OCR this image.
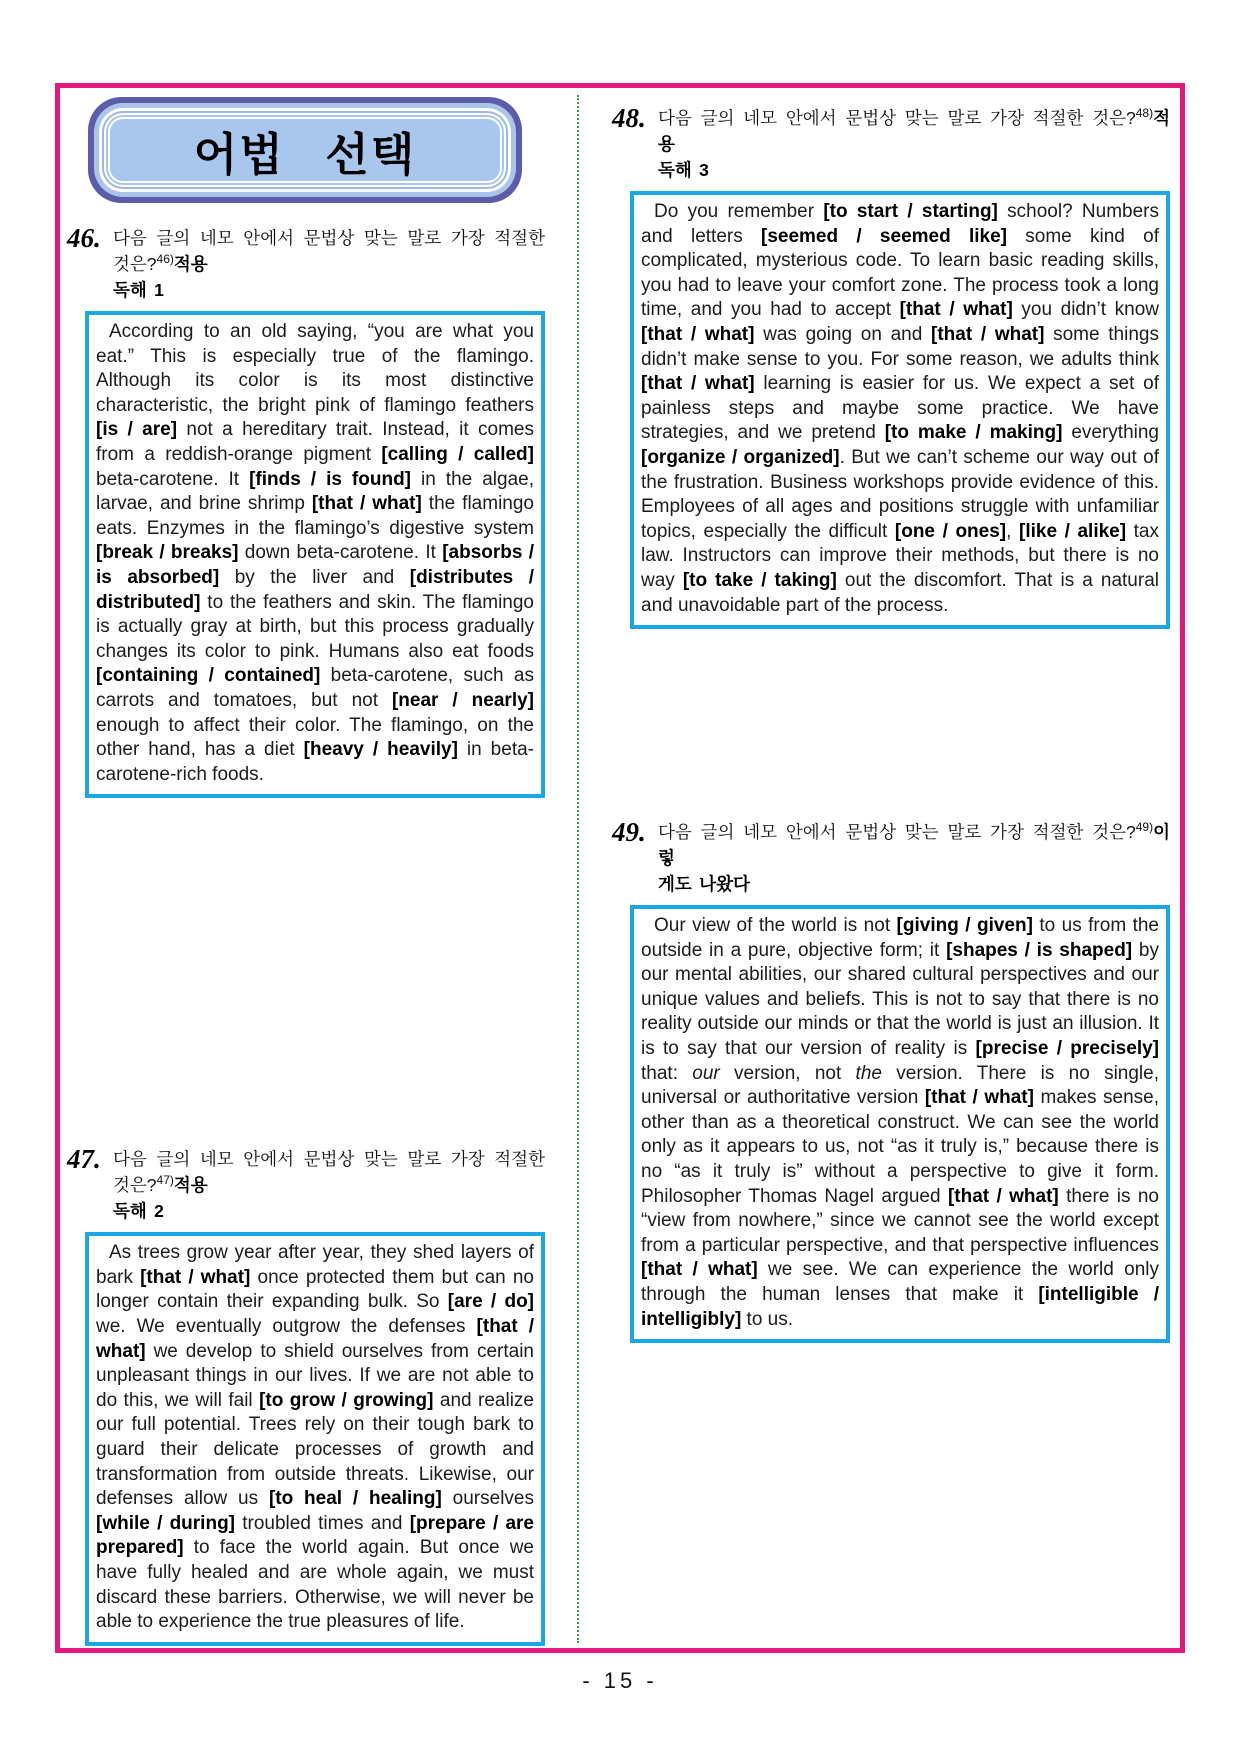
어법 선택
46. 다음 글의 네모 안에서 문법상 맞는 말로 가장 적절한 것은?$^{46)}$적용
독해 1

According to an old saying, “you are what you eat.” This is especially true of the flamingo. Although its color is its most distinctive characteristic, the bright pink of flamingo feathers [is / are] not a hereditary trait. Instead, it comes from a reddish-orange pigment [calling / called] beta-carotene. It [finds / is found] in the algae, larvae, and brine shrimp [that / what] the flamingo eats. Enzymes in the flamingo’s digestive system [break / breaks] down beta-carotene. It [absorbs / is absorbed] by the liver and [distributes / distributed] to the feathers and skin. The flamingo is actually gray at birth, but this process gradually changes its color to pink. Humans also eat foods [containing / contained] beta-carotene, such as carrots and tomatoes, but not [near / nearly] enough to affect their color. The flamingo, on the other hand, has a diet [heavy / heavily] in beta-carotene-rich foods.

47. 다음 글의 네모 안에서 문법상 맞는 말로 가장 적절한 것은?$^{47)}$적용
독해 2

As trees grow year after year, they shed layers of bark [that / what] once protected them but can no longer contain their expanding bulk. So [are / do] we. We eventually outgrow the defenses [that / what] we develop to shield ourselves from certain unpleasant things in our lives. If we are not able to do this, we will fail [to grow / growing] and realize our full potential. Trees rely on their tough bark to guard their delicate processes of growth and transformation from outside threats. Likewise, our defenses allow us [to heal / healing] ourselves [while / during] troubled times and [prepare / are prepared] to face the world again. But once we have fully healed and are whole again, we must discard these barriers. Otherwise, we will never be able to experience the true pleasures of life.

48. 다음 글의 네모 안에서 문법상 맞는 말로 가장 적절한 것은?$^{48)}$적용
독해 3

Do you remember [to start / starting] school? Numbers and letters [seemed / seemed like] some kind of complicated, mysterious code. To learn basic reading skills, you had to leave your comfort zone. The process took a long time, and you had to accept [that / what] you didn’t know [that / what] was going on and [that / what] some things didn’t make sense to you. For some reason, we adults think [that / what] learning is easier for us. We expect a set of painless steps and maybe some practice. We have strategies, and we pretend [to make / making] everything [organize / organized]. But we can’t scheme our way out of the frustration. Business workshops provide evidence of this. Employees of all ages and positions struggle with unfamiliar topics, especially the difficult [one / ones], [like / alike] tax law. Instructors can improve their methods, but there is no way [to take / taking] out the discomfort. That is a natural and unavoidable part of the process.

49. 다음 글의 네모 안에서 문법상 맞는 말로 가장 적절한 것은?$^{49)}$이렇
게도 나왔다

Our view of the world is not [giving / given] to us from the outside in a pure, objective form; it [shapes / is shaped] by our mental abilities, our shared cultural perspectives and our unique values and beliefs. This is not to say that there is no reality outside our minds or that the world is just an illusion. It is to say that our version of reality is [precise / precisely] that: our version, not the version. There is no single, universal or authoritative version [that / what] makes sense, other than as a theoretical construct. We can see the world only as it appears to us, not “as it truly is,” because there is no “as it truly is” without a perspective to give it form. Philosopher Thomas Nagel argued [that / what] there is no “view from nowhere,” since we cannot see the world except from a particular perspective, and that perspective influences [that / what] we see. We can experience the world only through the human lenses that make it [intelligible / intelligibly] to us.

- 15 -
